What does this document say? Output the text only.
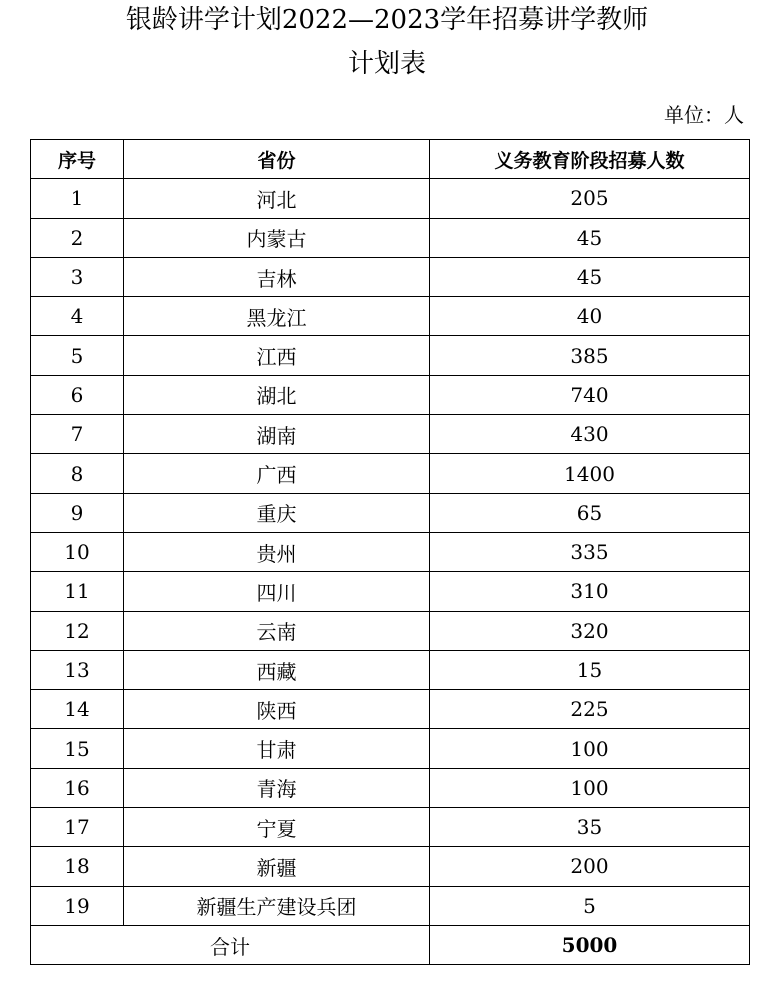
银龄讲学计划2022—2023学年招募讲学教师
计划表
单位：人
序号	省份	义务教育阶段招募人数
1	河北	205
2	内蒙古	45
3	吉林	45
4	黑龙江	40
5	江西	385
6	湖北	740
7	湖南	430
8	广西	1400
9	重庆	65
10	贵州	335
11	四川	310
12	云南	320
13	西藏	15
14	陕西	225
15	甘肃	100
16	青海	100
17	宁夏	35
18	新疆	200
19	新疆生产建设兵团	5
合计		5000
